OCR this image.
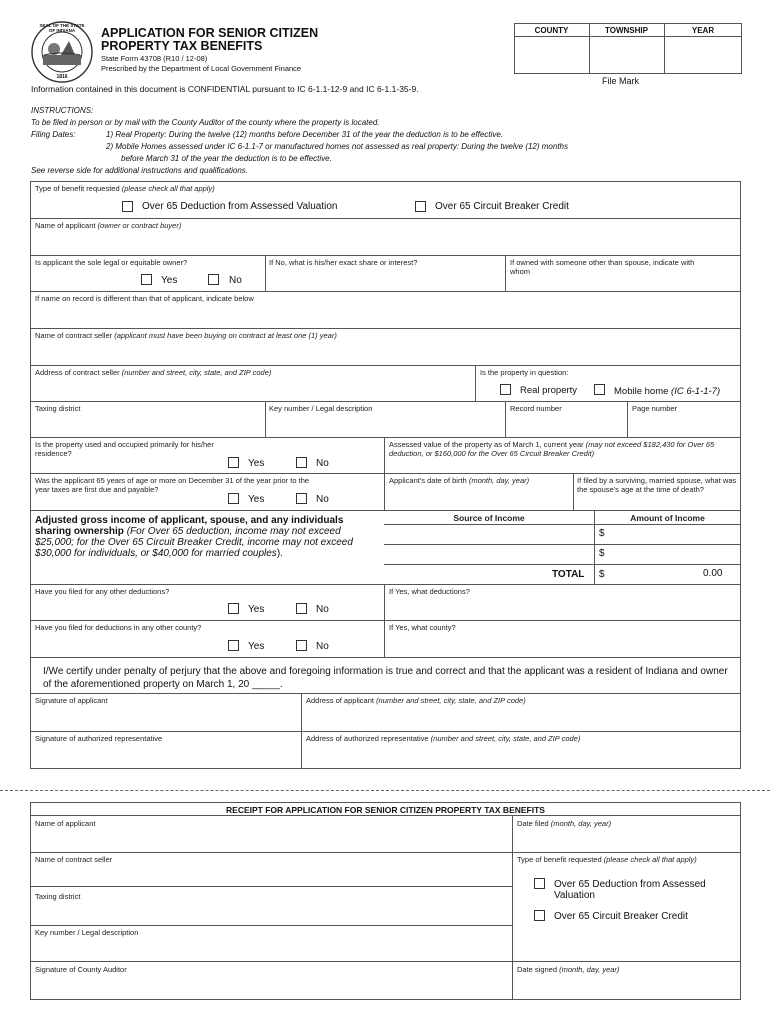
SEAL OF THE STATE OF INDIANA
1816
APPLICATION FOR SENIOR CITIZEN
PROPERTY TAX BENEFITS
State Form 43708 (R10 / 12-08)
Prescribed by the Department of Local Government Finance
COUNTY	TOWNSHIP	YEAR
File Mark
Information contained in this document is CONFIDENTIAL pursuant to IC 6-1.1-12-9 and IC 6-1.1-35-9.
INSTRUCTIONS:
To be filed in person or by mail with the County Auditor of the county where the property is located.
Filing Dates:	1) Real Property: During the twelve (12) months before December 31 of the year the deduction is to be effective.
2) Mobile Homes assessed under IC 6-1.1-7 or manufactured homes not assessed as real property: During the twelve (12) months
before March 31 of the year the deduction is to be effective.
See reverse side for additional instructions and qualifications.
Type of benefit requested (please check all that apply)
Over 65 Deduction from Assessed Valuation	Over 65 Circuit Breaker Credit
Name of applicant (owner or contract buyer)
Is applicant the sole legal or equitable owner?	If No, what is his/her exact share or interest?	If owned with someone other than spouse, indicate with whom
Yes	No
If name on record is different than that of applicant, indicate below
Name of contract seller (applicant must have been buying on contract at least one (1) year)
Address of contract seller (number and street, city, state, and ZIP code)	Is the property in question:
Real property	Mobile home (IC 6-1-1-7)
Taxing district	Key number / Legal description	Record number	Page number
Is the property used and occupied primarily for his/her residence?
Assessed value of the property as of March 1, current year (may not exceed $182,430 for Over 65 deduction, or $160,000 for the Over 65 Circuit Breaker Credit)
Yes	No
Was the applicant 65 years of age or more on December 31 of the year prior to the year taxes are first due and payable?
Applicant's date of birth (month, day, year)	If filed by a surviving, married spouse, what was the spouse's age at the time of death?
Yes	No
Adjusted gross income of applicant, spouse, and any individuals sharing ownership (For Over 65 deduction, income may not exceed $25,000; for the Over 65 Circuit Breaker Credit, income may not exceed $30,000 for individuals, or $40,000 for married couples).
Source of Income	Amount of Income
$
$
TOTAL $	0.00
Have you filed for any other deductions?	If Yes, what deductions?
Yes	No
Have you filed for deductions in any other county?	If Yes, what county?
Yes	No
I/We certify under penalty of perjury that the above and foregoing information is true and correct and that the applicant was a resident of Indiana and owner of the aforementioned property on March 1, 20 _____.
Signature of applicant	Address of applicant (number and street, city, state, and ZIP code)
Signature of authorized representative	Address of authorized representative (number and street, city, state, and ZIP code)
RECEIPT FOR APPLICATION FOR SENIOR CITIZEN PROPERTY TAX BENEFITS
Name of applicant	Date filed (month, day, year)
Name of contract seller	Type of benefit requested (please check all that apply)
Over 65 Deduction from Assessed
Valuation
Over 65 Circuit Breaker Credit
Taxing district
Key number / Legal description
Signature of County Auditor	Date signed (month, day, year)
